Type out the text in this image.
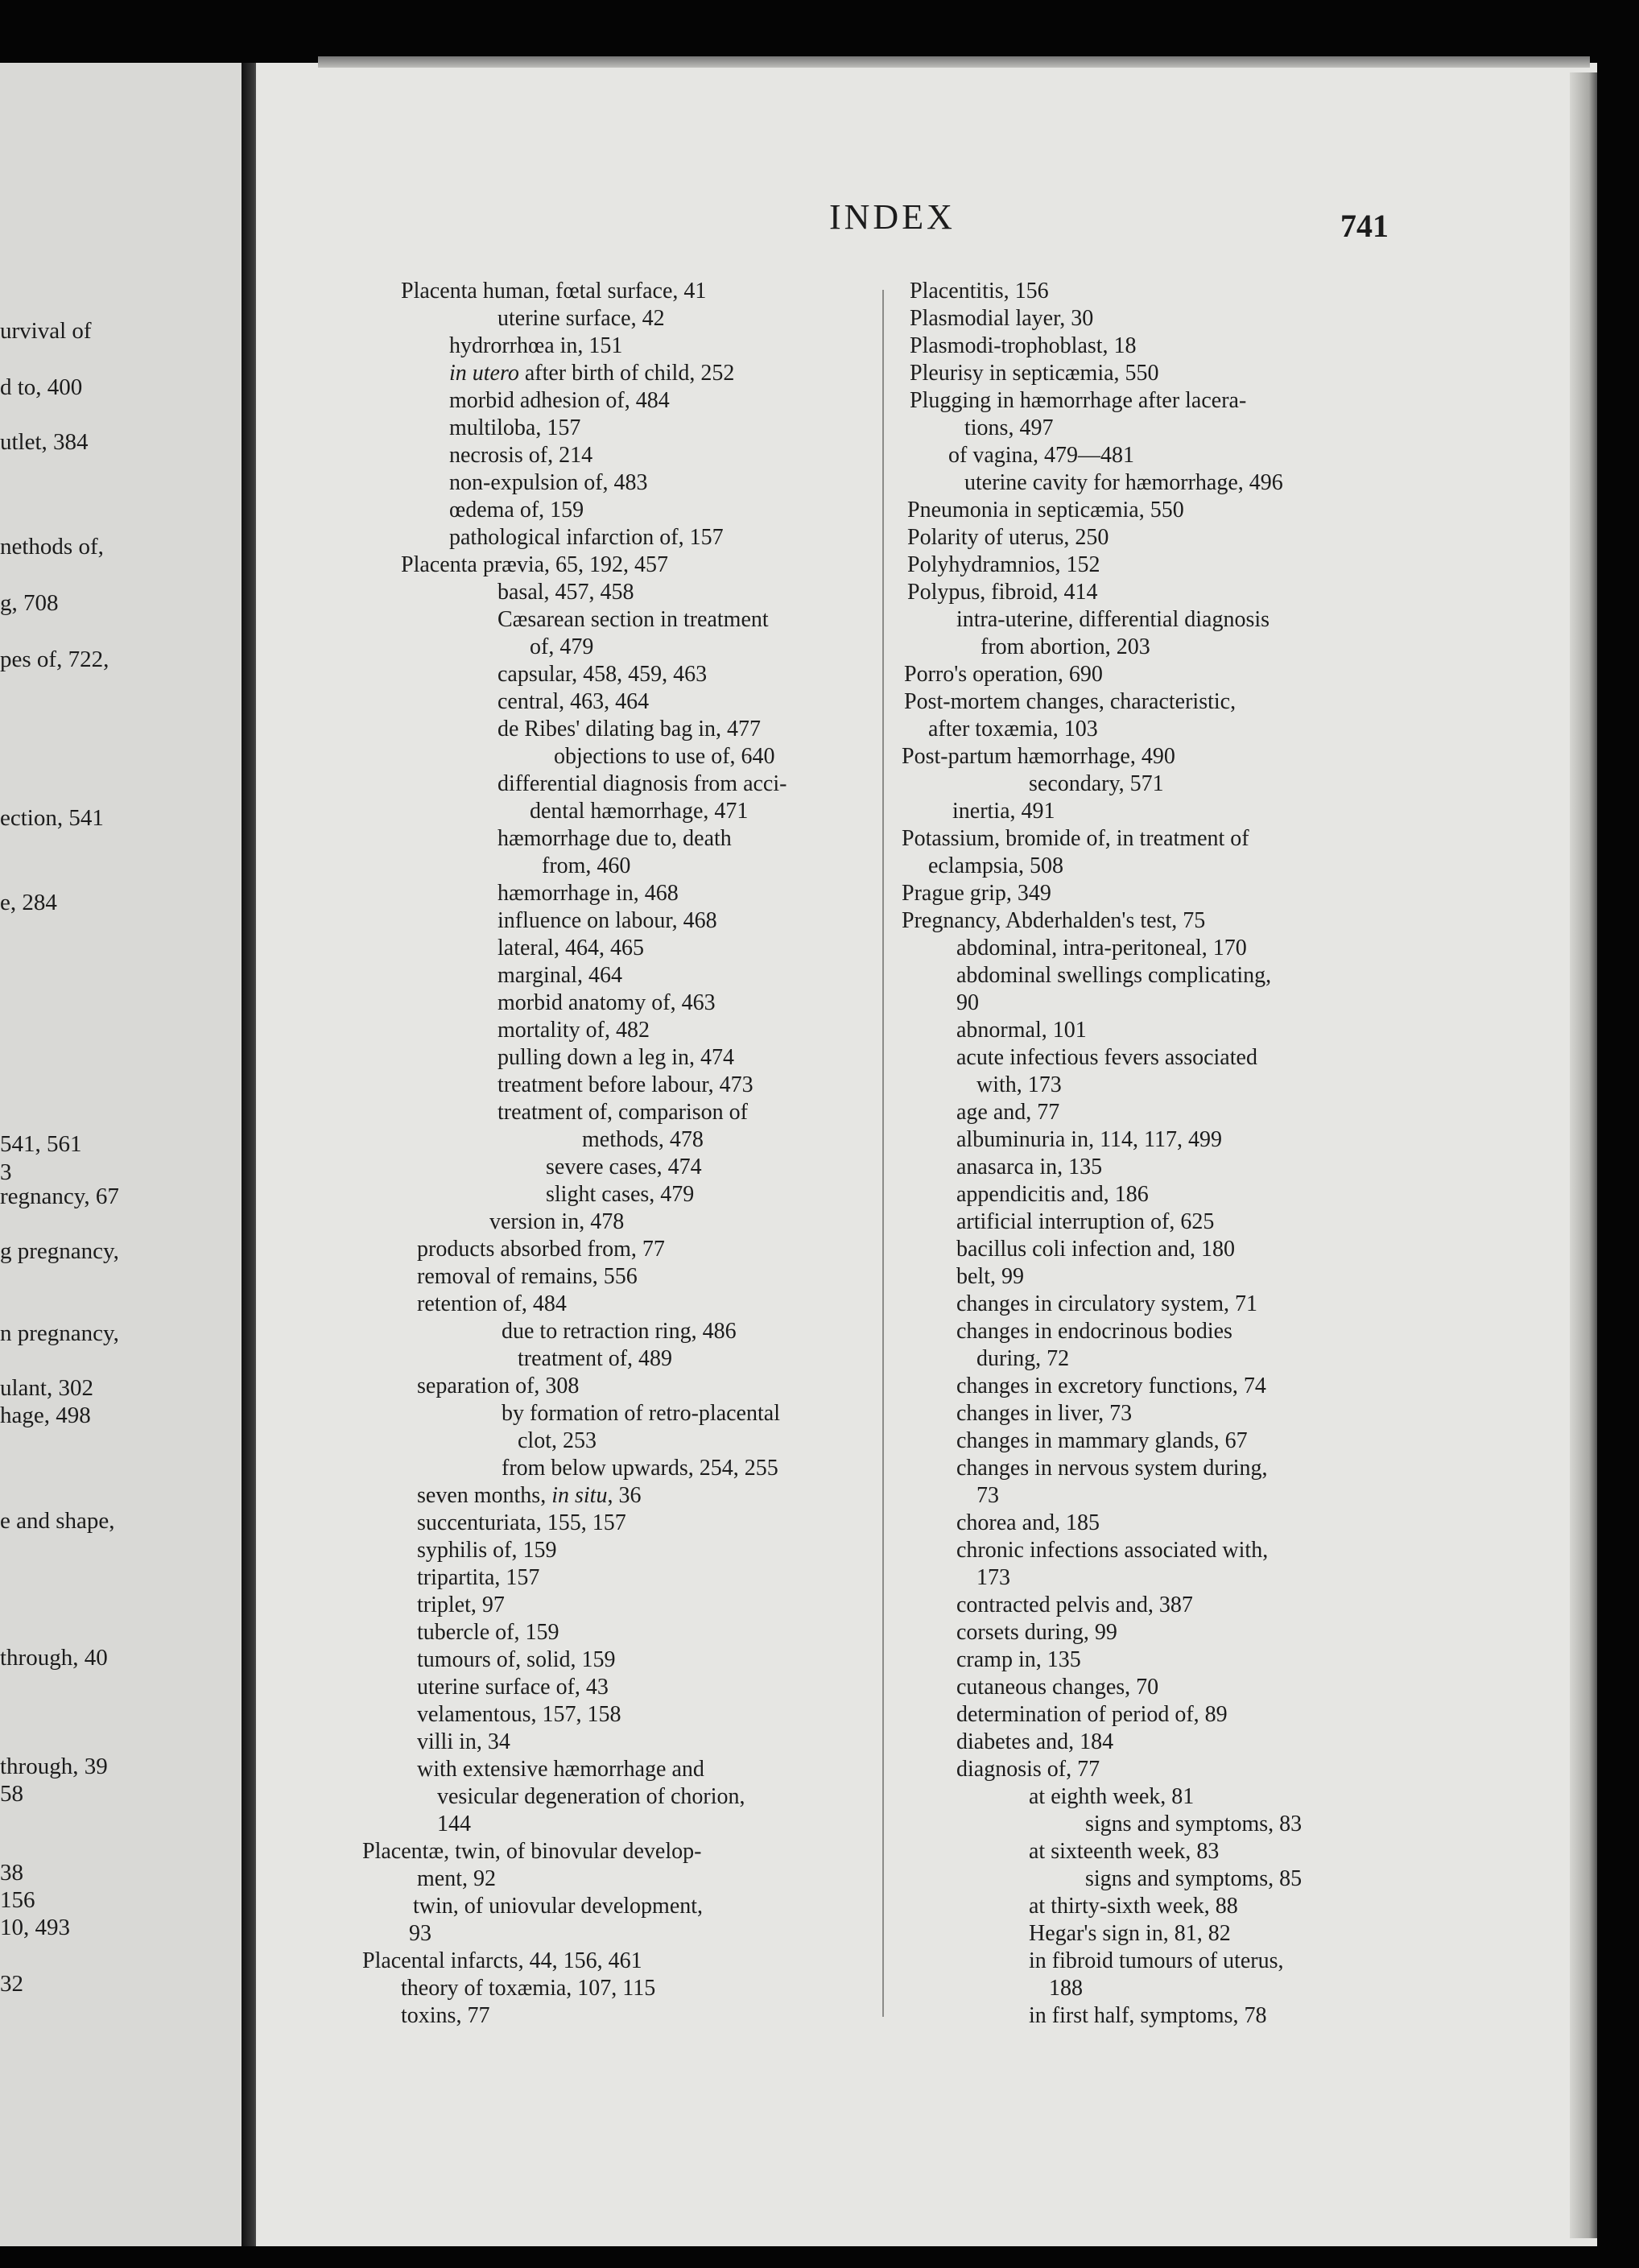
urvival of
d to, 400
utlet, 384
nethods of,
g, 708
pes of, 722,
ection, 541
e, 284
541, 561
3
regnancy, 67
g pregnancy,
n pregnancy,
ulant, 302
hage, 498
e and shape,
through, 40
through, 39
58
38
156
10, 493
32
INDEX	741
Placenta human, fœtal surface, 41
uterine surface, 42
hydrorrhœa in, 151
in utero after birth of child, 252
morbid adhesion of, 484
multiloba, 157
necrosis of, 214
non-expulsion of, 483
œdema of, 159
pathological infarction of, 157
Placenta prævia, 65, 192, 457
basal, 457, 458
Cæsarean section in treatment
of, 479
capsular, 458, 459, 463
central, 463, 464
de Ribes' dilating bag in, 477
objections to use of, 640
differential diagnosis from acci-
dental hæmorrhage, 471
hæmorrhage due to, death
from, 460
hæmorrhage in, 468
influence on labour, 468
lateral, 464, 465
marginal, 464
morbid anatomy of, 463
mortality of, 482
pulling down a leg in, 474
treatment before labour, 473
treatment of, comparison of
methods, 478
severe cases, 474
slight cases, 479
version in, 478
products absorbed from, 77
removal of remains, 556
retention of, 484
due to retraction ring, 486
treatment of, 489
separation of, 308
by formation of retro-placental
clot, 253
from below upwards, 254, 255
seven months, in situ, 36
succenturiata, 155, 157
syphilis of, 159
tripartita, 157
triplet, 97
tubercle of, 159
tumours of, solid, 159
uterine surface of, 43
velamentous, 157, 158
villi in, 34
with extensive hæmorrhage and
vesicular degeneration of chorion,
144
Placentæ, twin, of binovular develop-
ment, 92
twin, of uniovular development,
93
Placental infarcts, 44, 156, 461
theory of toxæmia, 107, 115
toxins, 77
Placentitis, 156
Plasmodial layer, 30
Plasmodi-trophoblast, 18
Pleurisy in septicæmia, 550
Plugging in hæmorrhage after lacera-
tions, 497
of vagina, 479—481
uterine cavity for hæmorrhage, 496
Pneumonia in septicæmia, 550
Polarity of uterus, 250
Polyhydramnios, 152
Polypus, fibroid, 414
intra-uterine, differential diagnosis
from abortion, 203
Porro's operation, 690
Post-mortem changes, characteristic,
after toxæmia, 103
Post-partum hæmorrhage, 490
secondary, 571
inertia, 491
Potassium, bromide of, in treatment of
eclampsia, 508
Prague grip, 349
Pregnancy, Abderhalden's test, 75
abdominal, intra-peritoneal, 170
abdominal swellings complicating,
90
abnormal, 101
acute infectious fevers associated
with, 173
age and, 77
albuminuria in, 114, 117, 499
anasarca in, 135
appendicitis and, 186
artificial interruption of, 625
bacillus coli infection and, 180
belt, 99
changes in circulatory system, 71
changes in endocrinous bodies
during, 72
changes in excretory functions, 74
changes in liver, 73
changes in mammary glands, 67
changes in nervous system during,
73
chorea and, 185
chronic infections associated with,
173
contracted pelvis and, 387
corsets during, 99
cramp in, 135
cutaneous changes, 70
determination of period of, 89
diabetes and, 184
diagnosis of, 77
at eighth week, 81
signs and symptoms, 83
at sixteenth week, 83
signs and symptoms, 85
at thirty-sixth week, 88
Hegar's sign in, 81, 82
in fibroid tumours of uterus,
188
in first half, symptoms, 78
